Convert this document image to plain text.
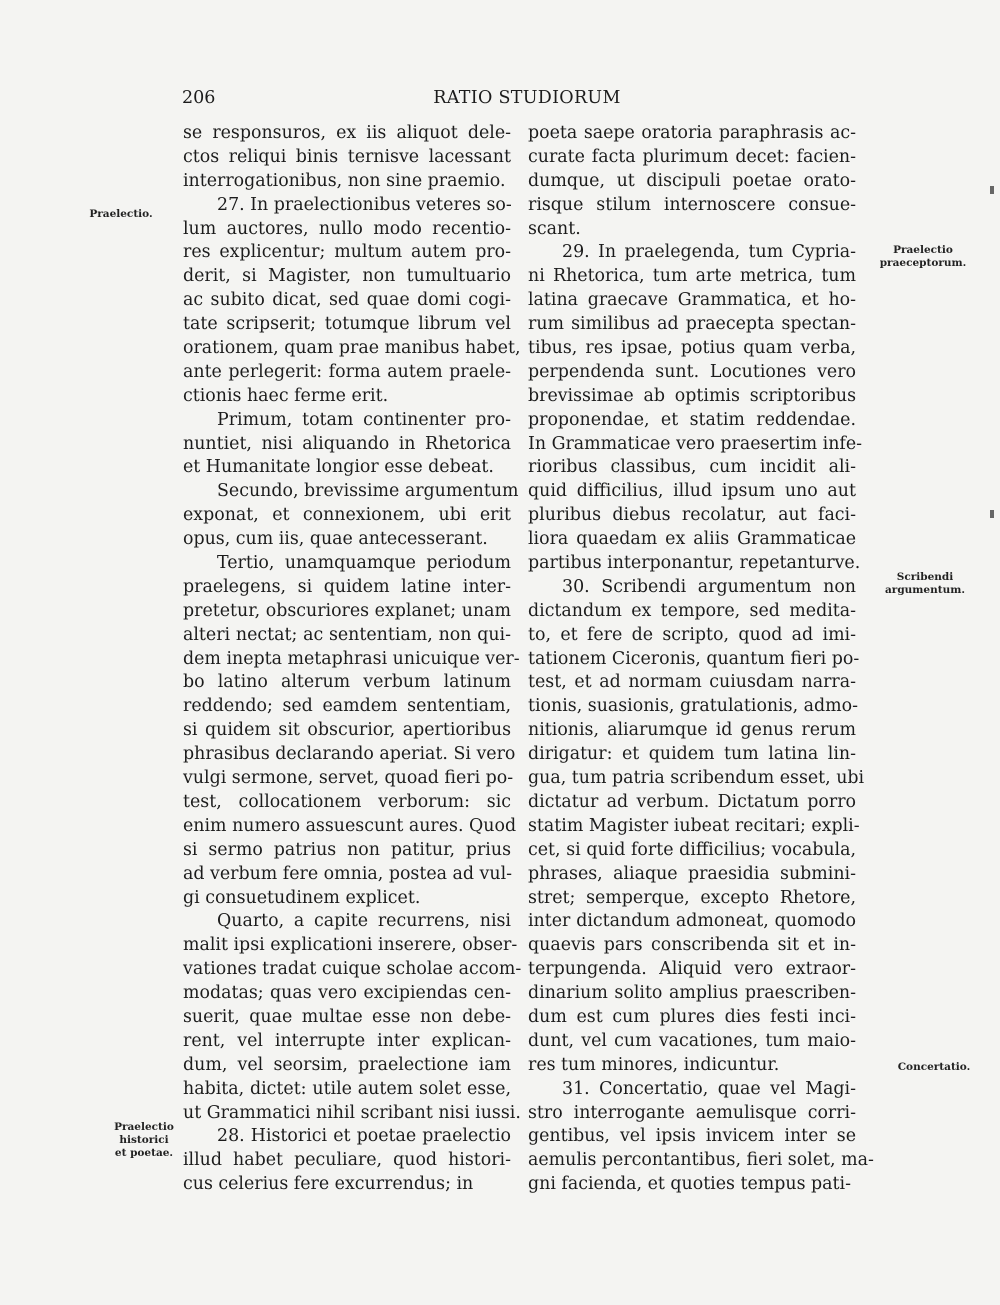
206	RATIO STUDIORUM
Praelectio.
Praelectio
historici
et poetae.
Praelectio
praeceptorum.
Scribendi
argumentum.
Concertatio.
se responsuros, ex iis aliquot dele-
ctos reliqui binis ternisve lacessant
interrogationibus, non sine praemio.
27. In praelectionibus veteres so-
lum auctores, nullo modo recentio-
res explicentur; multum autem pro-
derit, si Magister, non tumultuario
ac subito dicat, sed quae domi cogi-
tate scripserit; totumque librum vel
orationem, quam prae manibus habet,
ante perlegerit: forma autem praele-
ctionis haec ferme erit.
Primum, totam continenter pro-
nuntiet, nisi aliquando in Rhetorica
et Humanitate longior esse debeat.
Secundo, brevissime argumentum
exponat, et connexionem, ubi erit
opus, cum iis, quae antecesserant.
Tertio, unamquamque periodum
praelegens, si quidem latine inter-
pretetur, obscuriores explanet; unam
alteri nectat; ac sententiam, non qui-
dem inepta metaphrasi unicuique ver-
bo latino alterum verbum latinum
reddendo; sed eamdem sententiam,
si quidem sit obscurior, apertioribus
phrasibus declarando aperiat. Si vero
vulgi sermone, servet, quoad fieri po-
test, collocationem verborum: sic
enim numero assuescunt aures. Quod
si sermo patrius non patitur, prius
ad verbum fere omnia, postea ad vul-
gi consuetudinem explicet.
Quarto, a capite recurrens, nisi
malit ipsi explicationi inserere, obser-
vationes tradat cuique scholae accom-
modatas; quas vero excipiendas cen-
suerit, quae multae esse non debe-
rent, vel interrupte inter explican-
dum, vel seorsim, praelectione iam
habita, dictet: utile autem solet esse,
ut Grammatici nihil scribant nisi iussi.
28. Historici et poetae praelectio
illud habet peculiare, quod histori-
cus celerius fere excurrendus; in
poeta saepe oratoria paraphrasis ac-
curate facta plurimum decet: facien-
dumque, ut discipuli poetae orato-
risque stilum internoscere consue-
scant.
29. In praelegenda, tum Cypria-
ni Rhetorica, tum arte metrica, tum
latina graecave Grammatica, et ho-
rum similibus ad praecepta spectan-
tibus, res ipsae, potius quam verba,
perpendenda sunt. Locutiones vero
brevissimae ab optimis scriptoribus
proponendae, et statim reddendae.
In Grammaticae vero praesertim infe-
rioribus classibus, cum incidit ali-
quid difficilius, illud ipsum uno aut
pluribus diebus recolatur, aut faci-
liora quaedam ex aliis Grammaticae
partibus interponantur, repetanturve.
30. Scribendi argumentum non
dictandum ex tempore, sed medita-
to, et fere de scripto, quod ad imi-
tationem Ciceronis, quantum fieri po-
test, et ad normam cuiusdam narra-
tionis, suasionis, gratulationis, admo-
nitionis, aliarumque id genus rerum
dirigatur: et quidem tum latina lin-
gua, tum patria scribendum esset, ubi
dictatur ad verbum. Dictatum porro
statim Magister iubeat recitari; expli-
cet, si quid forte difficilius; vocabula,
phrases, aliaque praesidia submini-
stret; semperque, excepto Rhetore,
inter dictandum admoneat, quomodo
quaevis pars conscribenda sit et in-
terpungenda. Aliquid vero extraor-
dinarium solito amplius praescriben-
dum est cum plures dies festi inci-
dunt, vel cum vacationes, tum maio-
res tum minores, indicuntur.
31. Concertatio, quae vel Magi-
stro interrogante aemulisque corri-
gentibus, vel ipsis invicem inter se
aemulis percontantibus, fieri solet, ma-
gni facienda, et quoties tempus pati-
